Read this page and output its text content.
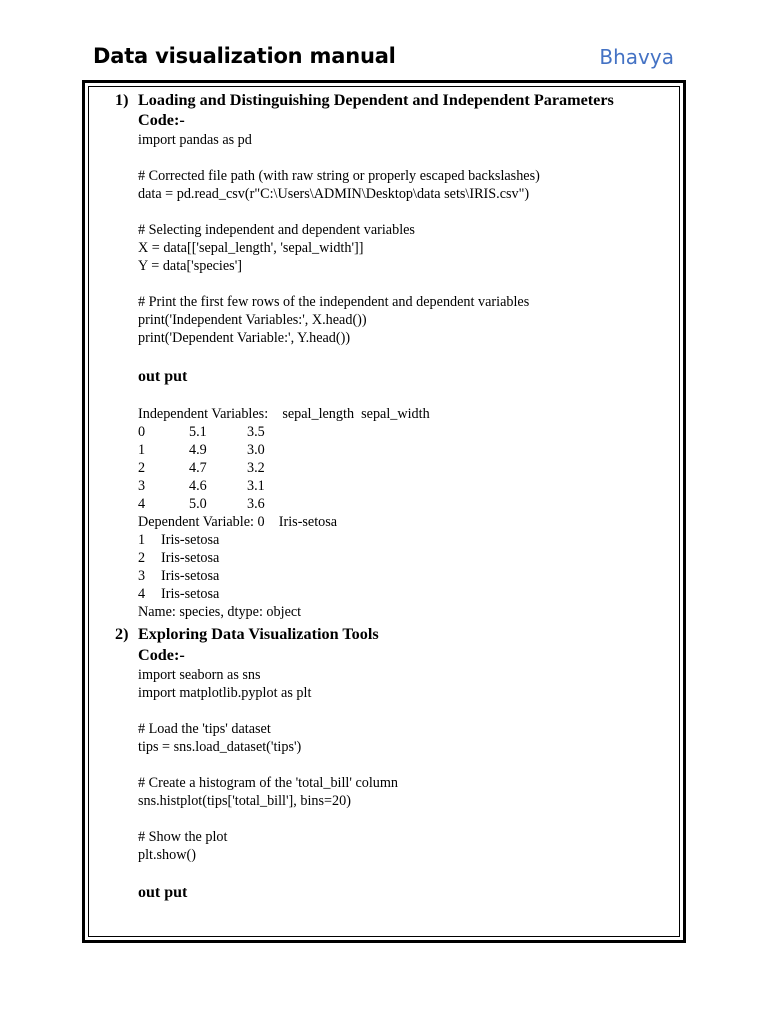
Data visualization manual	Bhavya
1) Loading and Distinguishing Dependent and Independent Parameters
Code:-
import pandas as pd
# Corrected file path (with raw string or properly escaped backslashes)
data = pd.read_csv(r"C:\Users\ADMIN\Desktop\data sets\IRIS.csv")
# Selecting independent and dependent variables
X = data[['sepal_length', 'sepal_width']]
Y = data['species']
# Print the first few rows of the independent and dependent variables
print('Independent Variables:', X.head())
print('Dependent Variable:', Y.head())
out put
Independent Variables:    sepal_length  sepal_width
0	5.1	3.5
1	4.9	3.0
2	4.7	3.2
3	4.6	3.1
4	5.0	3.6
Dependent Variable: 0    Iris-setosa
1 Iris-setosa
2 Iris-setosa
3 Iris-setosa
4 Iris-setosa
Name: species, dtype: object
2) Exploring Data Visualization Tools
Code:-
import seaborn as sns
import matplotlib.pyplot as plt
# Load the 'tips' dataset
tips = sns.load_dataset('tips')
# Create a histogram of the 'total_bill' column
sns.histplot(tips['total_bill'], bins=20)
# Show the plot
plt.show()
out put
